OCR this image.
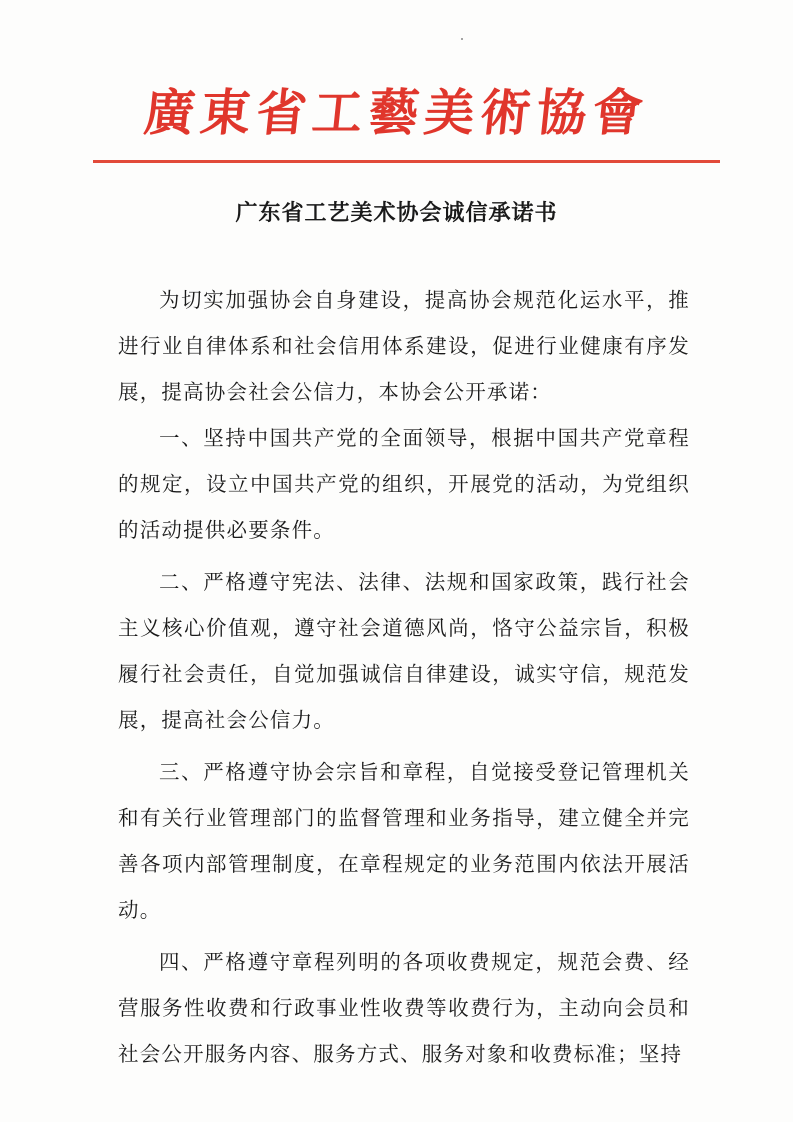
廣東省工藝美術協會
广东省工艺美术协会诚信承诺书

为切实加强协会自身建设，提高协会规范化运水平，推进行业自律体系和社会信用体系建设，促进行业健康有序发展，提高协会社会公信力，本协会公开承诺：

一、坚持中国共产党的全面领导，根据中国共产党章程的规定，设立中国共产党的组织，开展党的活动，为党组织的活动提供必要条件。

二、严格遵守宪法、法律、法规和国家政策，践行社会主义核心价值观，遵守社会道德风尚，恪守公益宗旨，积极履行社会责任，自觉加强诚信自律建设，诚实守信，规范发展，提高社会公信力。

三、严格遵守协会宗旨和章程，自觉接受登记管理机关和有关行业管理部门的监督管理和业务指导，建立健全并完善各项内部管理制度，在章程规定的业务范围内依法开展活动。

四、严格遵守章程列明的各项收费规定，规范会费、经营服务性收费和行政事业性收费等收费行为，主动向会员和社会公开服务内容、服务方式、服务对象和收费标准；坚持
